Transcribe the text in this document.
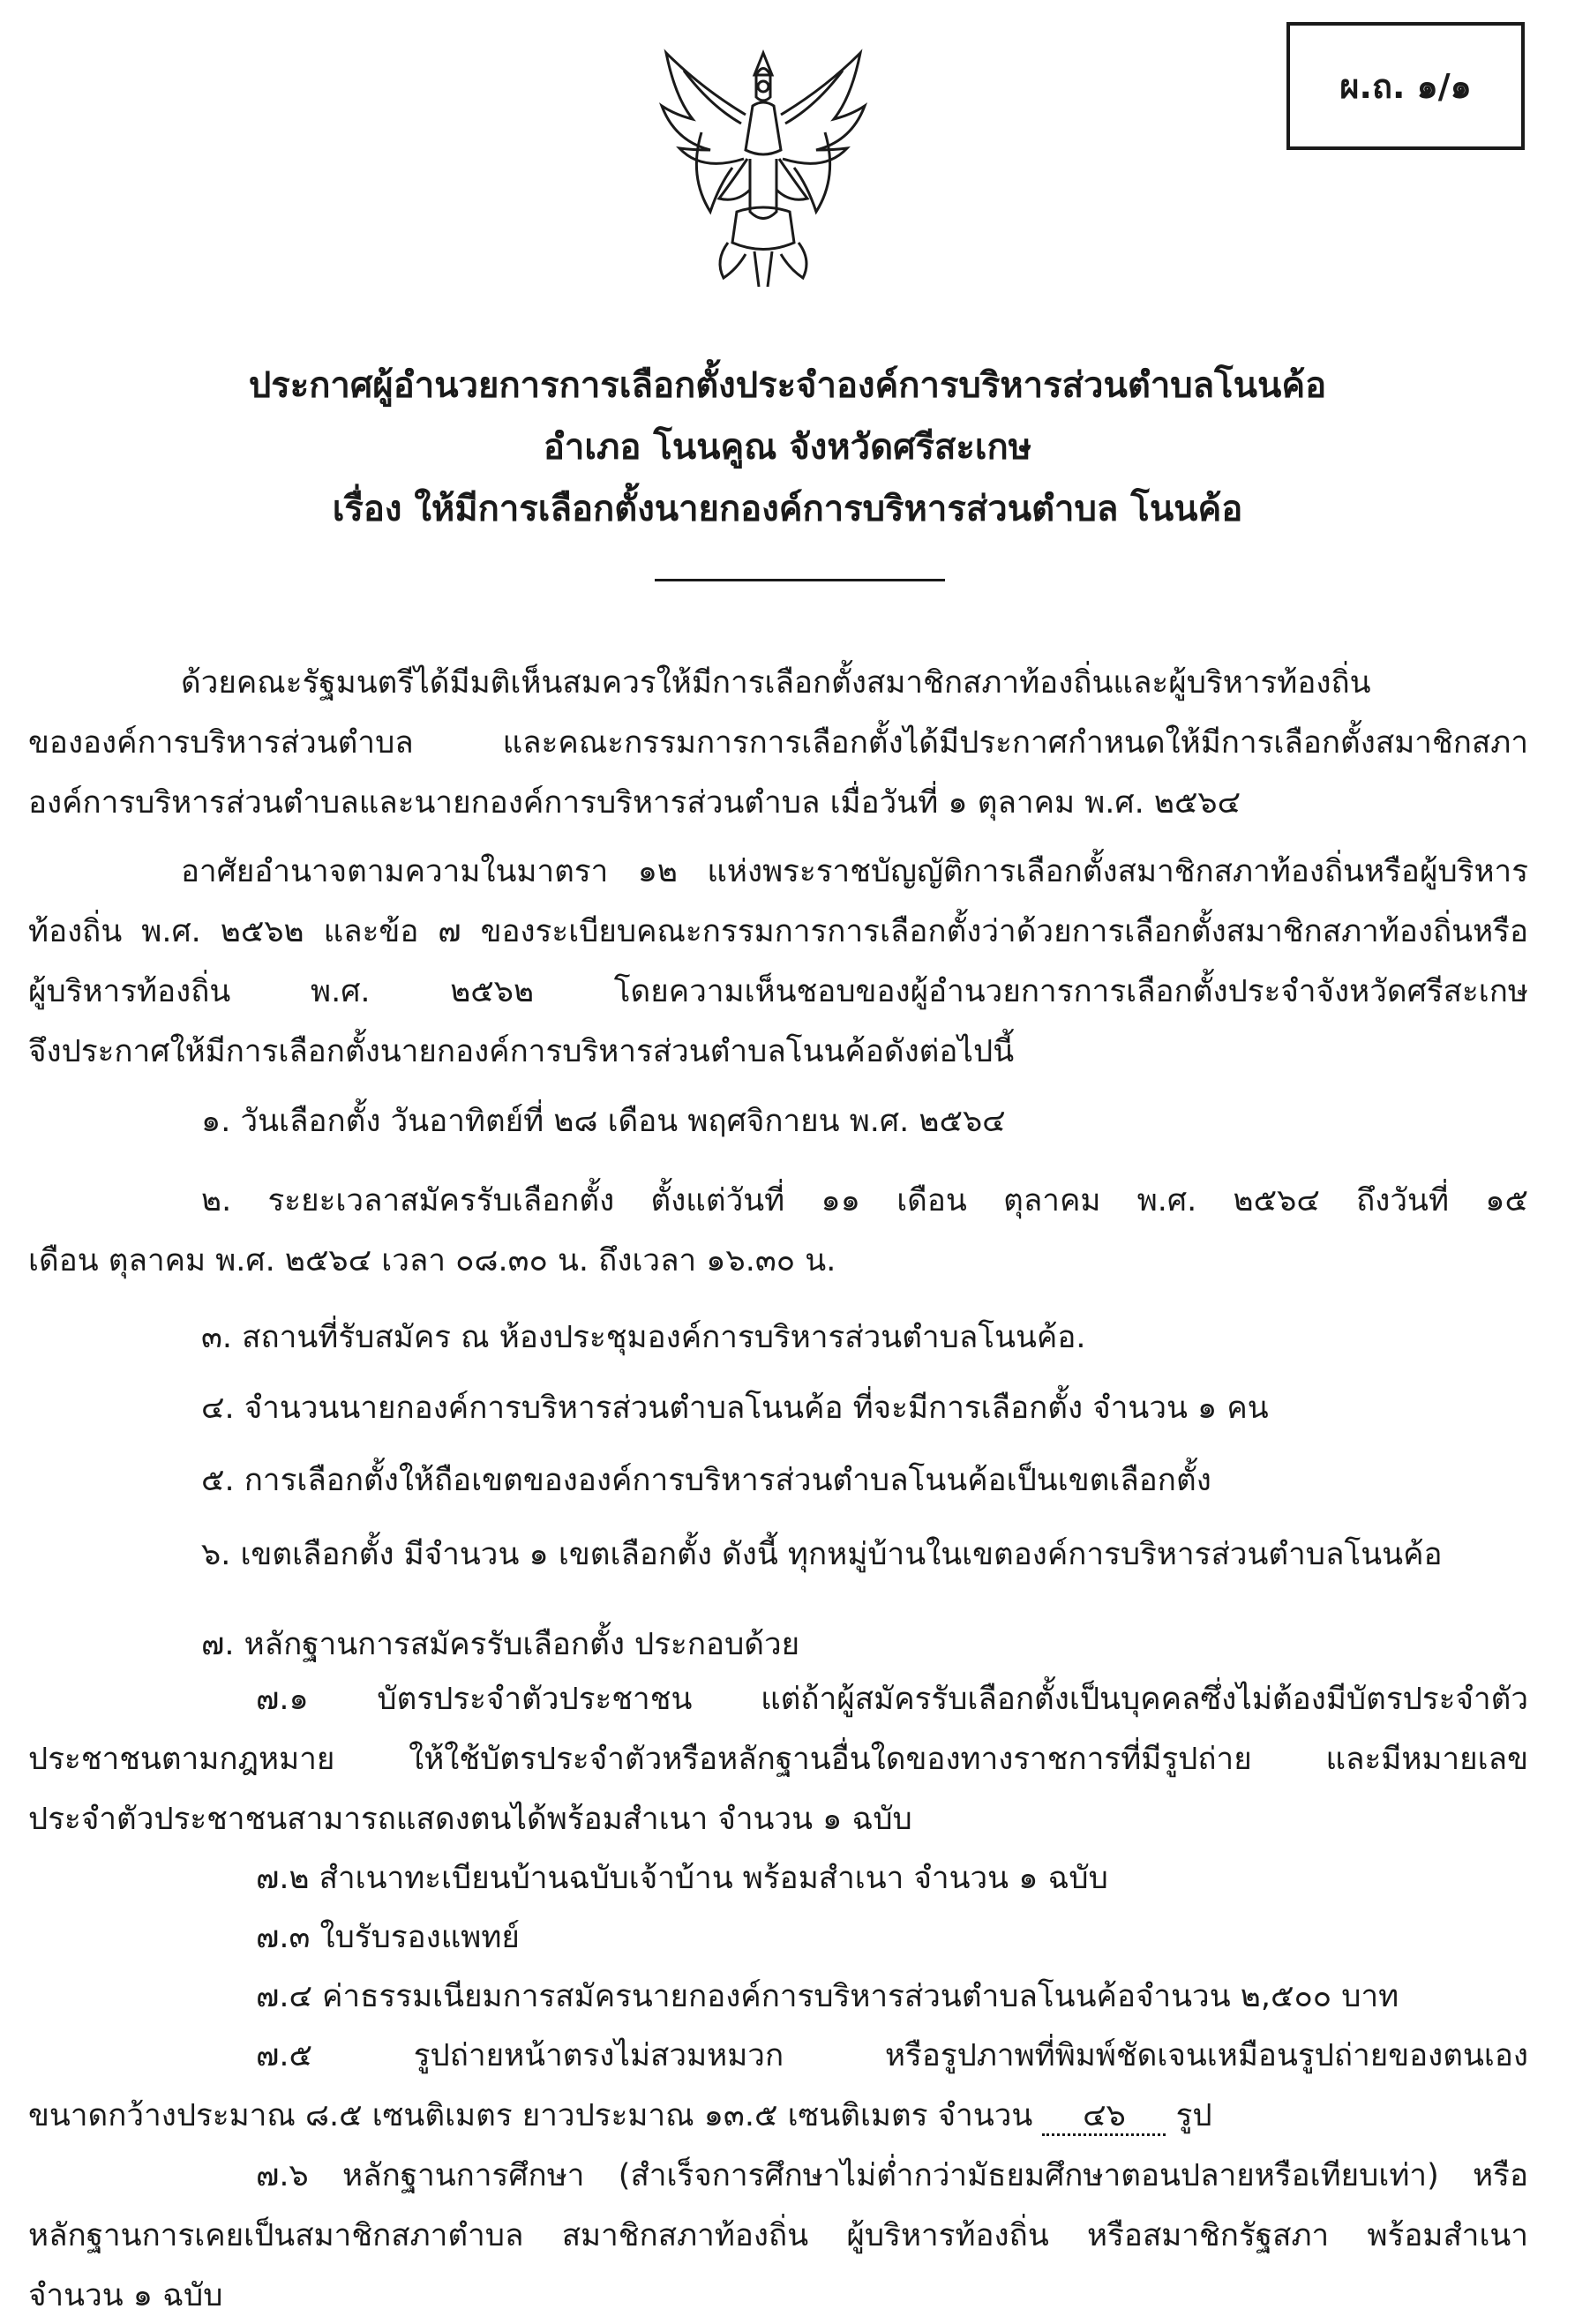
ผ.ถ. ๑/๑
ประกาศผู้อำนวยการการเลือกตั้งประจำองค์การบริหารส่วนตำบลโนนค้อ
อำเภอ โนนคูณ จังหวัดศรีสะเกษ
เรื่อง ให้มีการเลือกตั้งนายกองค์การบริหารส่วนตำบล โนนค้อ
ด้วยคณะรัฐมนตรีได้มีมติเห็นสมควรให้มีการเลือกตั้งสมาชิกสภาท้องถิ่นและผู้บริหารท้องถิ่น
ขององค์การบริหารส่วนตำบล และคณะกรรมการการเลือกตั้งได้มีประกาศกำหนดให้มีการเลือกตั้งสมาชิกสภา
องค์การบริหารส่วนตำบลและนายกองค์การบริหารส่วนตำบล เมื่อวันที่ ๑ ตุลาคม พ.ศ. ๒๕๖๔
อาศัยอำนาจตามความในมาตรา ๑๒ แห่งพระราชบัญญัติการเลือกตั้งสมาชิกสภาท้องถิ่นหรือผู้บริหาร
ท้องถิ่น พ.ศ. ๒๕๖๒ และข้อ ๗ ของระเบียบคณะกรรมการการเลือกตั้งว่าด้วยการเลือกตั้งสมาชิกสภาท้องถิ่นหรือ
ผู้บริหารท้องถิ่น พ.ศ. ๒๕๖๒ โดยความเห็นชอบของผู้อำนวยการการเลือกตั้งประจำจังหวัดศรีสะเกษ
จึงประกาศให้มีการเลือกตั้งนายกองค์การบริหารส่วนตำบลโนนค้อดังต่อไปนี้
๑. วันเลือกตั้ง วันอาทิตย์ที่ ๒๘ เดือน พฤศจิกายน พ.ศ. ๒๕๖๔
๒. ระยะเวลาสมัครรับเลือกตั้ง ตั้งแต่วันที่ ๑๑ เดือน ตุลาคม พ.ศ. ๒๕๖๔ ถึงวันที่ ๑๕
เดือน ตุลาคม พ.ศ. ๒๕๖๔ เวลา ๐๘.๓๐ น. ถึงเวลา ๑๖.๓๐ น.
๓. สถานที่รับสมัคร ณ ห้องประชุมองค์การบริหารส่วนตำบลโนนค้อ.
๔. จำนวนนายกองค์การบริหารส่วนตำบลโนนค้อ ที่จะมีการเลือกตั้ง จำนวน ๑ คน
๕. การเลือกตั้งให้ถือเขตขององค์การบริหารส่วนตำบลโนนค้อเป็นเขตเลือกตั้ง
๖. เขตเลือกตั้ง มีจำนวน ๑ เขตเลือกตั้ง ดังนี้ ทุกหมู่บ้านในเขตองค์การบริหารส่วนตำบลโนนค้อ
๗. หลักฐานการสมัครรับเลือกตั้ง ประกอบด้วย
๗.๑ บัตรประจำตัวประชาชน แต่ถ้าผู้สมัครรับเลือกตั้งเป็นบุคคลซึ่งไม่ต้องมีบัตรประจำตัว
ประชาชนตามกฎหมาย ให้ใช้บัตรประจำตัวหรือหลักฐานอื่นใดของทางราชการที่มีรูปถ่าย และมีหมายเลข
ประจำตัวประชาชนสามารถแสดงตนได้พร้อมสำเนา จำนวน ๑ ฉบับ
๗.๒ สำเนาทะเบียนบ้านฉบับเจ้าบ้าน พร้อมสำเนา จำนวน ๑ ฉบับ
๗.๓ ใบรับรองแพทย์
๗.๔ ค่าธรรมเนียมการสมัครนายกองค์การบริหารส่วนตำบลโนนค้อจำนวน ๒,๕๐๐ บาท
๗.๕ รูปถ่ายหน้าตรงไม่สวมหมวก หรือรูปภาพที่พิมพ์ชัดเจนเหมือนรูปถ่ายของตนเอง
ขนาดกว้างประมาณ ๘.๕ เซนติเมตร ยาวประมาณ ๑๓.๕ เซนติเมตร จำนวน ๔๖ รูป
๗.๖ หลักฐานการศึกษา (สำเร็จการศึกษาไม่ต่ำกว่ามัธยมศึกษาตอนปลายหรือเทียบเท่า) หรือ
หลักฐานการเคยเป็นสมาชิกสภาตำบล สมาชิกสภาท้องถิ่น ผู้บริหารท้องถิ่น หรือสมาชิกรัฐสภา พร้อมสำเนา
จำนวน ๑ ฉบับ
